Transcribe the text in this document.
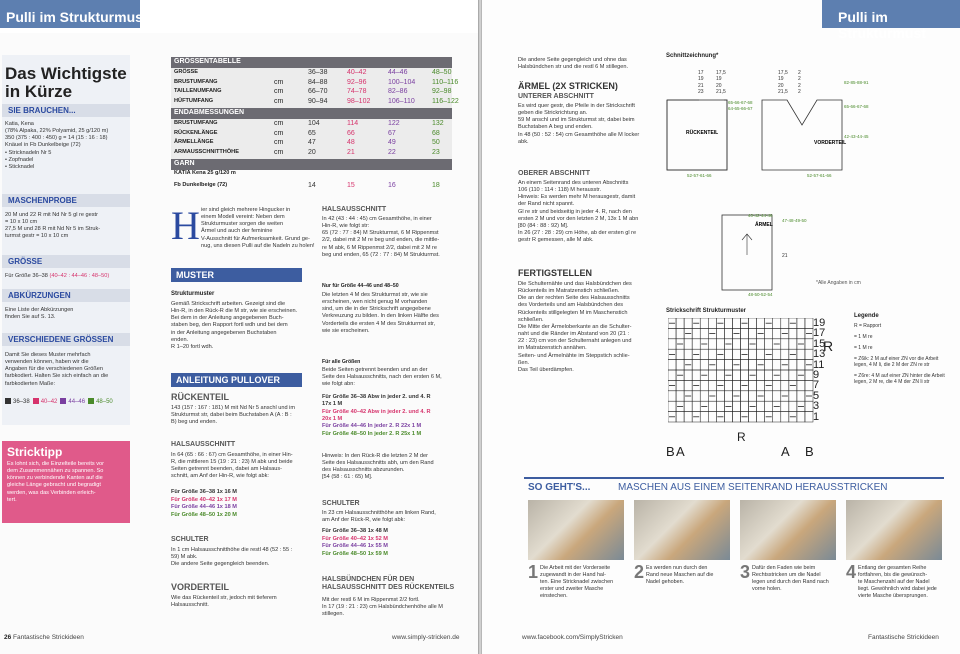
Pulli im Strukturmuster
Das Wichtigste
in Kürze
SIE BRAUCHEN...
Katia, Kena
(78% Alpaka, 22% Polyamid, 25 g/120 m)
350 (375 : 400 : 450) g = 14 (15 : 16 : 18)
Knäuel in Fb Dunkelbeige (72)
• Stricknadeln Nr 5
• Zopfnadel
• Sticknadel
MASCHENPROBE
20 M und 22 R mit Nd Nr 5 gl re gestr
= 10 x 10 cm
27,5 M und 28 R mit Nd Nr 5 im Struk-
turmst gestr = 10 x 10 cm
GRÖSSE
Für Größe 36–38 (40–42 : 44–46 : 48–50)
ABKÜRZUNGEN
Eine Liste der Abkürzungen
finden Sie auf S. 13.
VERSCHIEDENE GRÖSSEN
Damit Sie dieses Muster mehrfach
verwenden können, haben wir die
Angaben für die verschiedenen Größen
farbkodiert. Halten Sie sich einfach an die
farbkodierten Maße:
36–38 40–42 44–46 48–50
Stricktipp
Es lohnt sich, die Einzelteile bereits vor
dem Zusammennähen zu spannen. So
können zu verbindende Kanten auf die
gleiche Länge gebracht und begradigt
werden, was das Verbinden erleich-
tert.
GRÖSSENTABELLE
ENDABMESSUNGEN
GARN
GRÖSSE	36–38	40–42	44–46	48–50
BRUSTUMFANG	cm	84–88	92–96	100–104 110–116
TAILLENUMFANG	cm	66–70	74–78	82–86	92–98
HÜFTUMFANG	cm	90–94	98–102	106–110 116–122
BRUSTUMFANG	cm	104	114	122	132
RÜCKENLÄNGE	cm	65	66	67	68
ÄRMELLÄNGE	cm	47	48	49	50
ARMAUSSCHNITTHÖHE	cm	20	21	22	23
KATIA Kena 25 g/120 m
Fb Dunkelbeige (72)	14	15	16	18
H ier sind gleich mehrere Hingucker in
einem Modell vereint: Neben dem
Strukturmuster sorgen die weiten
Ärmel und auch der feminine
V-Ausschnitt für Aufmerksamkeit. Grund ge-
nug, uns diesen Pulli auf die Nadeln zu holen!
MUSTER
Strukturmuster
Gemäß Strickschrift arbeiten. Gezeigt sind die
Hin-R, in den Rück-R die M str, wie sie erscheinen.
Bei dem in der Anleitung angegebenen Buch-
staben beg, den Rapport fortl wdh und bei dem
in der Anleitung angegebenen Buchstaben
enden.
R 1–20 fortl wdh.
ANLEITUNG PULLOVER
RÜCKENTEIL
143 (157 : 167 : 181) M mit Nd Nr 5 anschl und im
Strukturmst str, dabei beim Buchstaben A (A : B :
B) beg und enden.
HALSAUSSCHNITT
In 64 (65 : 66 : 67) cm Gesamthöhe, in einer Hin-
R, die mittleren 15 (19 : 21 : 23) M abk und beide
Seiten getrennt beenden, dabei am Halsaus-
schnitt, am Anf der Hin-R, wie folgt abk:
Für Größe 36–38 1x 16 M
Für Größe 40–42 1x 17 M
Für Größe 44–46 1x 18 M
Für Größe 48–50 1x 20 M
SCHULTER
In 1 cm Halsausschnitthöhe die restl 48 (52 : 55 :
59) M abk.
Die andere Seite gegengleich beenden.
VORDERTEIL
Wie das Rückenteil str, jedoch mit tieferem
Halsausschnitt.
HALSAUSSCHNITT
In 42 (43 : 44 : 45) cm Gesamthöhe, in einer
Hin-R, wie folgt str:
65 (72 : 77 : 84) M Strukturmst, 6 M Rippenmst
2/2, dabei mit 2 M re beg und enden, die mittle-
re M abk, 6 M Rippenmst 2/2, dabei mit 2 M re
beg und enden, 65 (72 : 77 : 84) M Strukturmst.
Nur für Größe 44–46 und 48–50
Die letzten 4 M des Strukturmst str, wie sie
erscheinen, wen nicht genug M vorhanden
sind, um die in der Strickschrift angegebene
Verkreuzung zu bilden. In den linken Hälfte des
Vorderteils die ersten 4 M des Strukturmst str,
wie sie erscheinen.
Für alle Größen
Beide Seiten getrennt beenden und an der
Seite des Halsausschnitts, nach den ersten 6 M,
wie folgt abn:
Für Größe 36–38 Abw in jeder 2. und 4. R
17x 1 M
Für Größe 40–42 Abw in jeder 2. und 4. R
20x 1 M
Für Größe 44–46 In jeder 2. R 22x 1 M
Für Größe 48–50 In jeder 2. R 25x 1 M
Hinweis: In den Rück-R die letzten 2 M der
Seite des Halsausschnitts abh, um den Rand
des Halsausschnitts abzurunden.
[54 (58 : 61 : 65) M].
SCHULTER
In 23 cm Halsausschnitthöhe am linken Rand,
am Anf der Rück-R, wie folgt abk:
Für Größe 36–38 1x 48 M
Für Größe 40–42 1x 52 M
Für Größe 44–46 1x 55 M
Für Größe 48–50 1x 59 M
HALSBÜNDCHEN FÜR DEN
HALSAUSSCHNITT DES RÜCKENTEILS
Mit der restl 6 M im Rippenmst 2/2 fortl.
In 17 (19 : 21 : 23) cm Halsbündchenhöhe alle M
stillegen.
26 Fantastische Strickideen	www.simply-stricken.de
Pulli im Strukturmust
Die andere Seite gegengleich und ohne das
Halsbündchen str und die restl 6 M stillegen.
ÄRMEL (2X STRICKEN)
UNTERER ABSCHNITT
Es wird quer gestr, die Pfeile in der Strickschrift
geben die Strickrichtung an.
59 M anschl und im Strukturmst str, dabei beim
Buchstaben A beg und enden.
In 48 (50 : 52 : 54) cm Gesamthöhe alle M locker
abk.
OBERER ABSCHNITT
An einem Seitenrand des unteren Abschnitts
106 (110 : 114 : 118) M herausstr.
Hinweis: Es werden mehr M herausgestr, damit
der Rand nicht spannt.
Gl re str und beidseitig in jeder 4. R, nach den
ersten 2 M und vor den letzten 2 M, 13x 1 M abn
[80 (84 : 88 : 92) M].
In 26 (27 : 28 : 29) cm Höhe, ab der ersten gl re
gestr R gemessen, alle M abk.
FERTIGSTELLEN
Die Schulternähte und das Halsbündchen des
Rückenteils im Matratzenstich schließen.
Die an der rechten Seite des Halsausschnitts
des Vorderteils und am Halsbündchen des
Rückenteils stillgelegten M im Maschenstich
schließen.
Die Mitte der Ärmeloberkante an die Schulter-
naht und die Ränder im Abstand von 20 (21 :
22 : 23) cm von der Schulternaht anlegen und
im Matratzenstich annähen.
Seiten- und Ärmelnähte im Steppstich schlie-
ßen.
Das Teil überdämpfen.
Schnittzeichnung*
RÜCKENTEIL
VORDERTEIL
ÄRMEL
17
19
21
23
17,5
19
20
21,5
17,5
19
20
21,5
2
2
2
2
65-66-67-68
64-65-66-67
82-85-88-91
65-66-67-68
42-43-44-45
52-57-61-66	52-57-61-66
40-42-44-46
47-48-49-50
21
48-50-52-54
*Alle Angaben in cm
Strickschrift Strukturmuster
19
17
15
13
11
9
7
5
3
1
B A	A B
R
R
Legende
R = Rapport
= 1 M re
= 1 M re
= Z6ik: 2 M auf einer ZN vor die Arbeit
legen, 4 M li, die 2 M der ZN re str
= Z6re: 4 M auf einer ZN hinter die Arbeit
legen, 2 M re, die 4 M der ZN li str
SO GEHT'S...	MASCHEN AUS EINEM SEITENRAND HERAUSSTRICKEN
1 Die Arbeit mit der Vorderseite
zugewandt in der Hand hal-
ten. Eine Stricknadel zwischen
erster und zweiter Masche
einstechen.
2 Es werden nun durch den
Rand neue Maschen auf die
Nadel gehoben.
3 Dafür den Faden wie beim
Rechtsstricken um die Nadel
legen und durch den Rand nach
vorne holen.
4 Entlang der gesamten Reihe
fortfahren, bis die gewünsch-
te Maschenzahl auf der Nadel
liegt. Gewöhnlich wird dabei jede
vierte Masche übersprungen.
www.facebook.com/SimplyStricken	Fantastische Strickideen
